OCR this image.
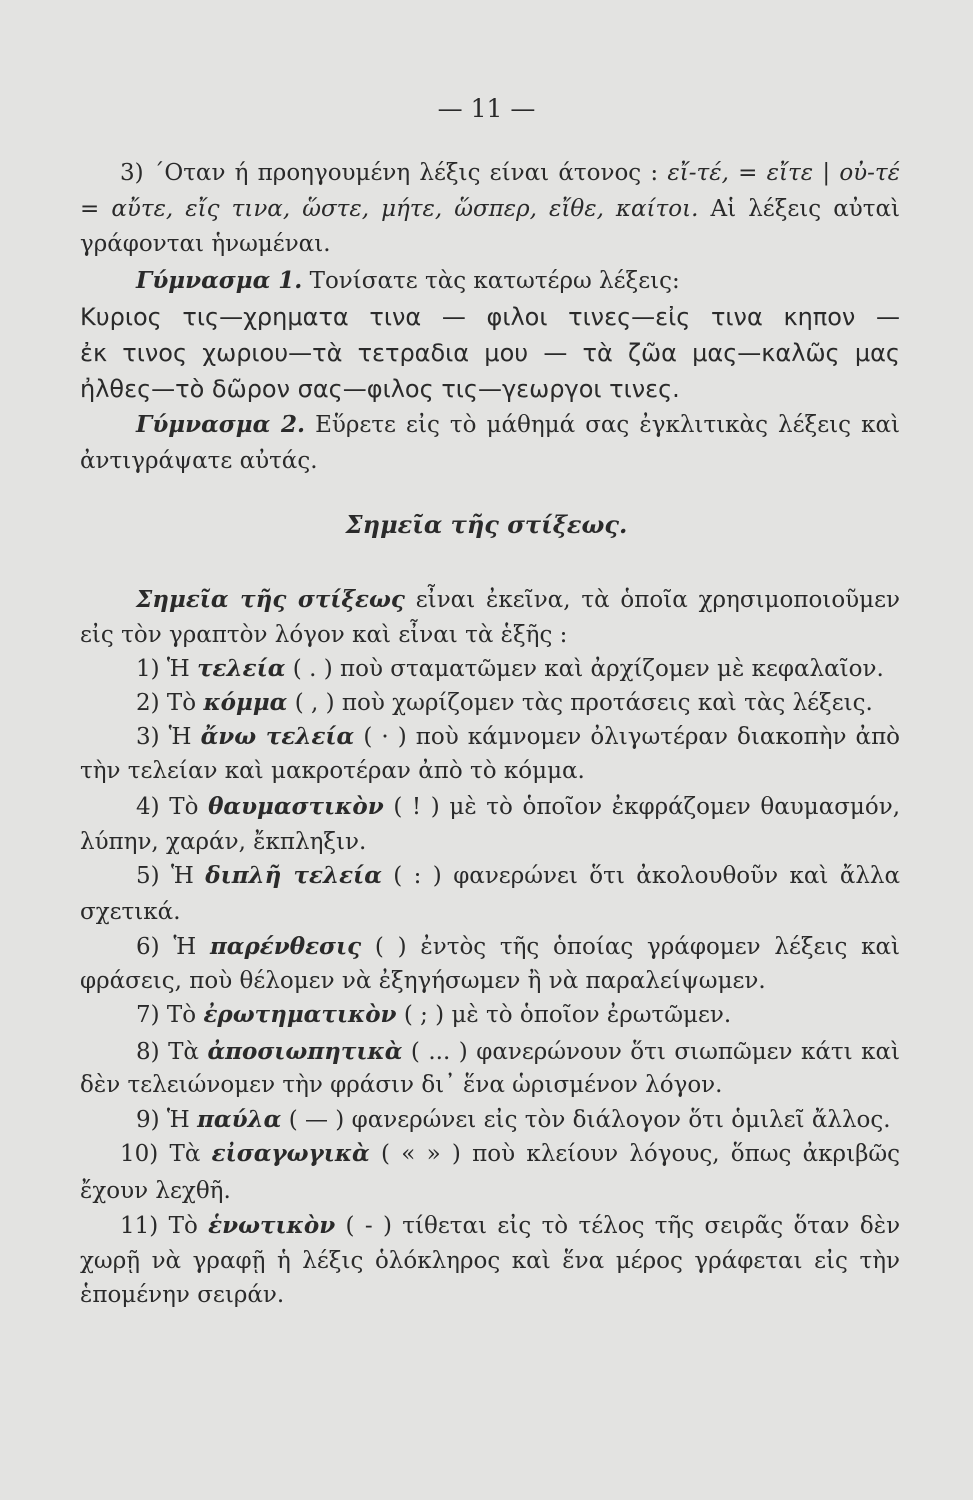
— 11 —
3) ΄Οταν ή προηγουμένη λέξις είναι άτονος : εἴ-τέ, = εἴτε | οὐ-τέ
= αὔτε, εἴς τινα, ὥστε, μήτε, ὥσπερ, εἴθε, καίτοι. Αἱ λέξεις αὐταὶ
γράφονται ἡνωμέναι.
Γύμνασμα 1. Τονίσατε τὰς κατωτέρω λέξεις:
Κυριος τις—χρηματα τινα — φιλοι τινες—εἰς τινα κηπον —
ἐκ τινος χωριου—τὰ τετραδια μου — τὰ ζῶα μας—καλῶς μας
ἠλθες—τὸ δῶρον σας—φιλος τις—γεωργοι τινες.
Γύμνασμα 2. Εὕρετε εἰς τὸ μάθημά σας ἐγκλιτικὰς λέξεις καὶ
ἀντιγράψατε αὐτάς.
Σημεῖα τῆς στίξεως.
Σημεῖα τῆς στίξεως εἶναι ἐκεῖνα, τὰ ὁποῖα χρησιμοποιοῦμεν
εἰς τὸν γραπτὸν λόγον καὶ εἶναι τὰ ἑξῆς :
1) Ἡ τελεία ( . ) ποὺ σταματῶμεν καὶ ἀρχίζομεν μὲ κεφαλαῖον.
2) Τὸ κόμμα ( , ) ποὺ χωρίζομεν τὰς προτάσεις καὶ τὰς λέξεις.
3) Ἡ ἄνω τελεία ( · ) ποὺ κάμνομεν ὀλιγωτέραν διακοπὴν ἀπὸ
τὴν τελείαν καὶ μακροτέραν ἀπὸ τὸ κόμμα.
4) Τὸ θαυμαστικὸν ( ! ) μὲ τὸ ὁποῖον ἐκφράζομεν θαυμασμόν,
λύπην, χαράν, ἔκπληξιν.
5) Ἡ διπλῆ τελεία ( : ) φανερώνει ὅτι ἀκολουθοῦν καὶ ἄλλα
σχετικά.
6) Ἡ παρένθεσις ( ) ἐντὸς τῆς ὁποίας γράφομεν λέξεις καὶ
φράσεις, ποὺ θέλομεν νὰ ἐξηγήσωμεν ἢ νὰ παραλείψωμεν.
7) Τὸ ἐρωτηματικὸν ( ; ) μὲ τὸ ὁποῖον ἐρωτῶμεν.
8) Τὰ ἀποσιωπητικὰ ( ... ) φανερώνουν ὅτι σιωπῶμεν κάτι καὶ
δὲν τελειώνομεν τὴν φράσιν δι᾿ ἕνα ὡρισμένον λόγον.
9) Ἡ παύλα ( — ) φανερώνει εἰς τὸν διάλογον ὅτι ὁμιλεῖ ἄλλος.
10) Τὰ εἰσαγωγικὰ ( « » ) ποὺ κλείουν λόγους, ὅπως ἀκριβῶς
ἔχουν λεχθῆ.
11) Τὸ ἑνωτικὸν ( - ) τίθεται εἰς τὸ τέλος τῆς σειρᾶς ὅταν δὲν
χωρῇ νὰ γραφῇ ἡ λέξις ὁλόκληρος καὶ ἕνα μέρος γράφεται εἰς τὴν
ἑπομένην σειράν.
